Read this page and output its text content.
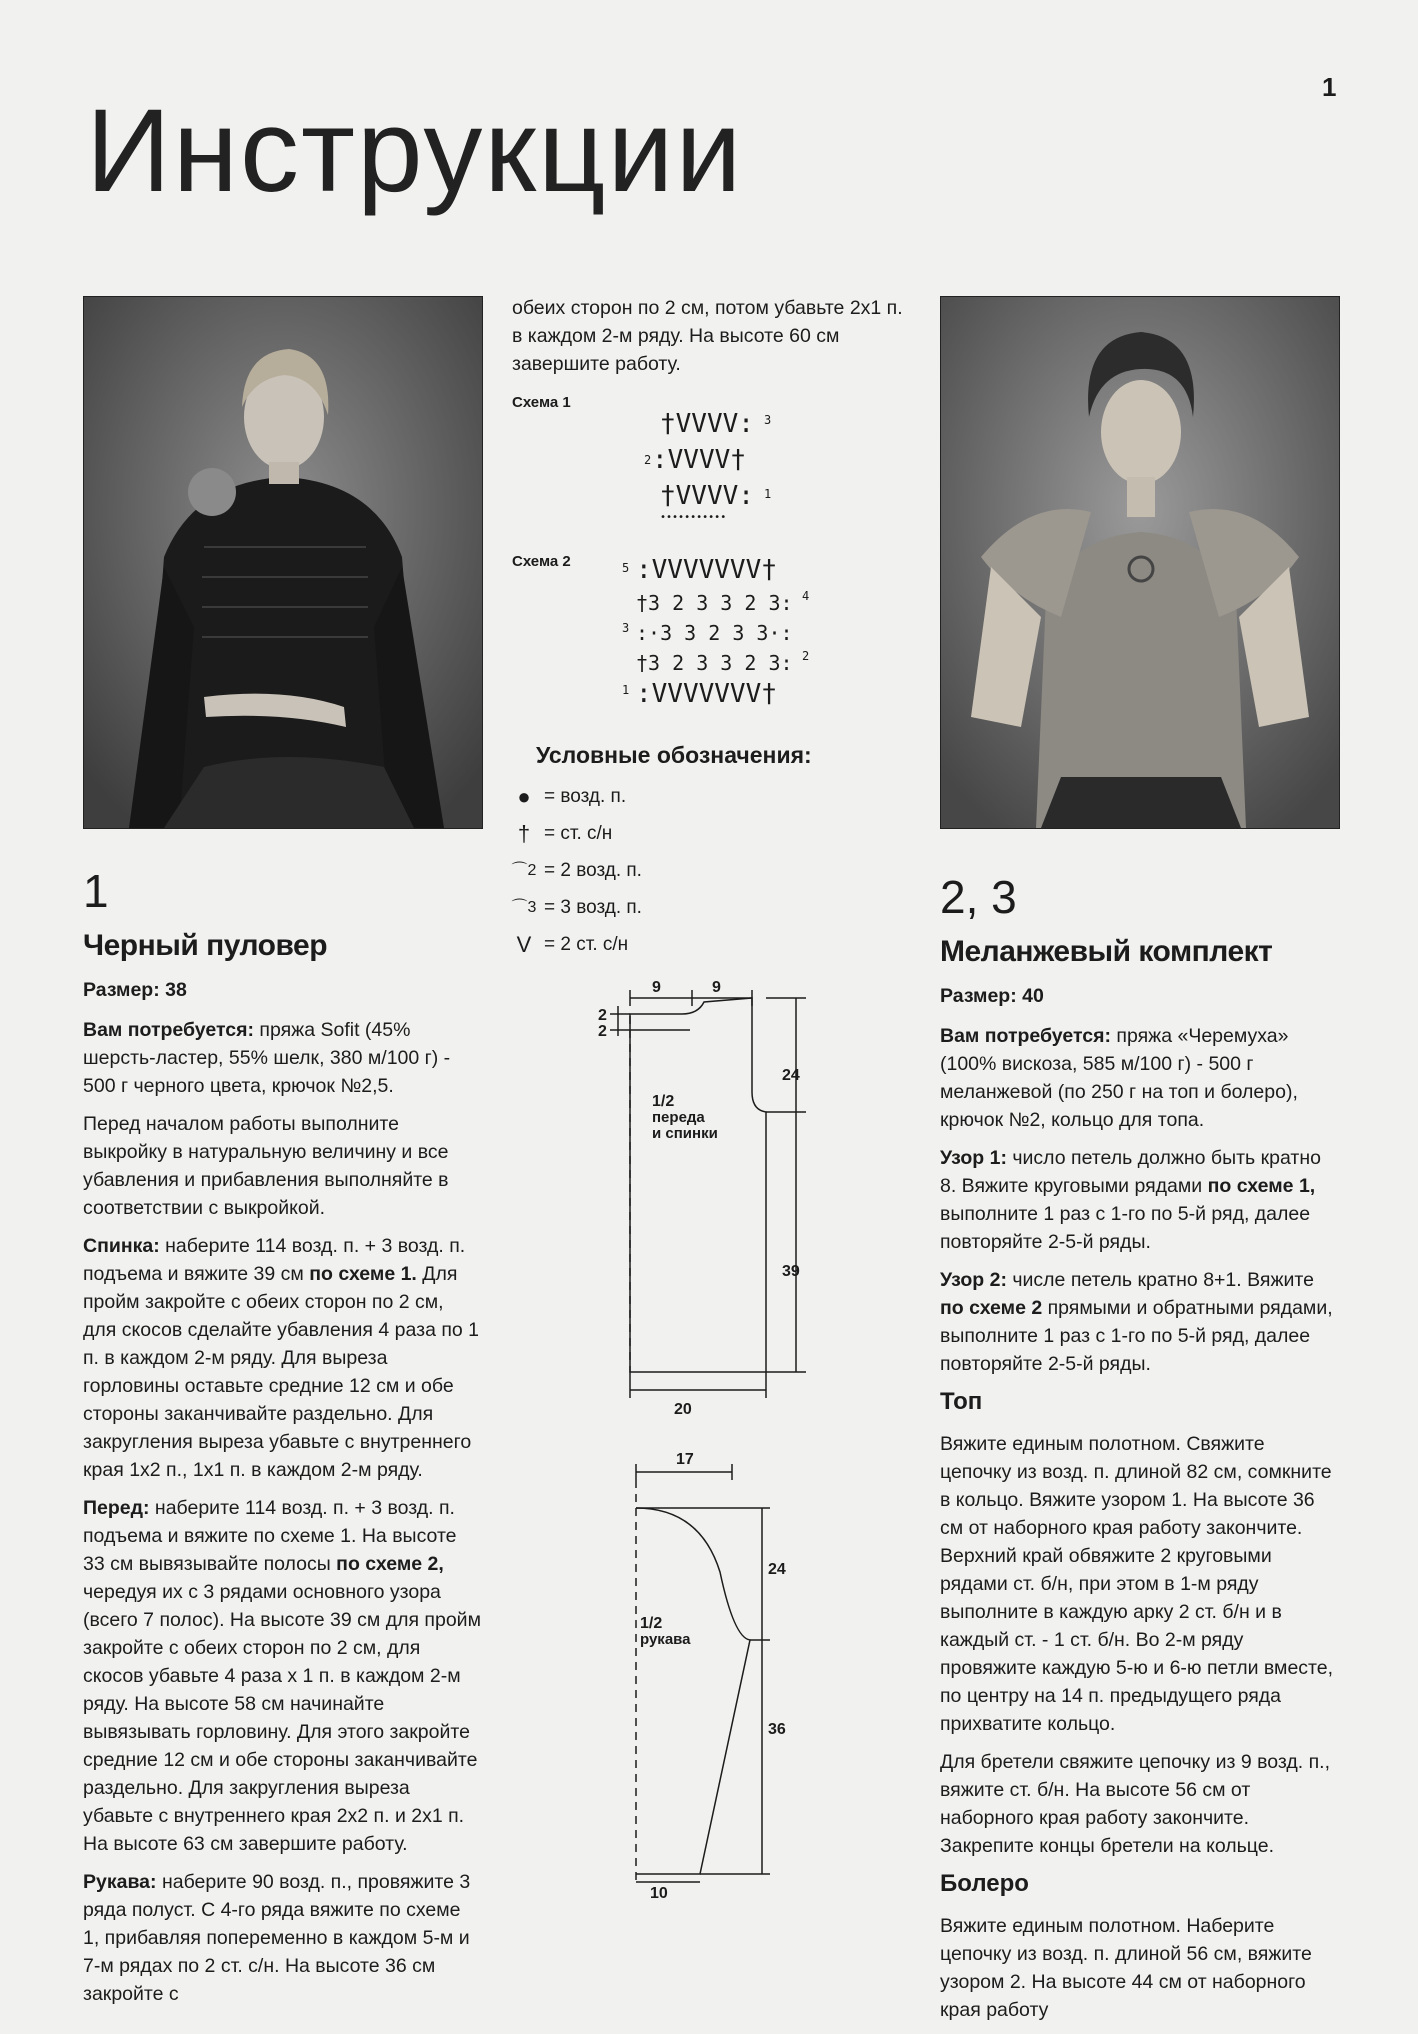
1
Инструкции

1

Черный пуловер

Размер: 38

Вам потребуется: пряжа Sofit (45% шерсть-ластер, 55% шелк, 380 м/100 г) - 500 г черного цвета, крючок №2,5.

Перед началом работы выполните выкройку в натуральную величину и все убавления и прибавления выполняйте в соответствии с выкройкой.

Спинка: наберите 114 возд. п. + 3 возд. п. подъема и вяжите 39 см по схеме 1. Для пройм закройте с обеих сторон по 2 см, для скосов сделайте убавления 4 раза по 1 п. в каждом 2-м ряду. Для выреза горловины оставьте средние 12 см и обе стороны заканчивайте раздельно. Для закругления выреза убавьте с внутреннего края 1х2 п., 1х1 п. в каждом 2-м ряду.

Перед: наберите 114 возд. п. + 3 возд. п. подъема и вяжите по схеме 1. На высоте 33 см вывязывайте полосы по схеме 2, чередуя их с 3 рядами основного узора (всего 7 полос). На высоте 39 см для пройм закройте с обеих сторон по 2 см, для скосов убавьте 4 раза х 1 п. в каждом 2-м ряду. На высоте 58 см начинайте вывязывать горловину. Для этого закройте средние 12 см и обе стороны заканчивайте раздельно. Для закругления выреза убавьте с внутреннего края 2х2 п. и 2х1 п. На высоте 63 см завершите работу.

Рукава: наберите 90 возд. п., провяжите 3 ряда полуст. С 4-го ряда вяжите по схеме 1, прибавляя попеременно в каждом 5-м и 7-м рядах по 2 ст. с/н. На высоте 36 см закройте с

обеих сторон по 2 см, потом убавьте 2х1 п. в каждом 2-м ряду. На высоте 60 см завершите работу.

Схема 1
†VVVV: 3
2 :VVVV†
†VVVV: 1
•••••••••••
Схема 2	5 :VVVVVVV†
†3 2 3 3 2 3: 4
3 :·3 3 2 3 3·:
†3 2 3 3 2 3: 2
1 :VVVVVVV†
Условные обозначения:
● = возд. п.
† = ст. с/н
⌒2 = 2 возд. п.
⌒3 = 3 возд. п.
V = 2 ст. с/н
9	9
2
2
24
39
20
1/2
переда
и спинки
17
24
36
10
1/2
рукава

2, 3

Меланжевый комплект

Размер: 40

Вам потребуется: пряжа «Черемуха» (100% вискоза, 585 м/100 г) - 500 г меланжевой (по 250 г на топ и болеро), крючок №2, кольцо для топа.

Узор 1: число петель должно быть кратно 8. Вяжите круговыми рядами по схеме 1, выполните 1 раз с 1-го по 5-й ряд, далее повторяйте 2-5-й ряды.

Узор 2: числе петель кратно 8+1. Вяжите по схеме 2 прямыми и обратными рядами, выполните 1 раз с 1-го по 5-й ряд, далее повторяйте 2-5-й ряды.

Топ

Вяжите единым полотном. Свяжите цепочку из возд. п. длиной 82 см, сомкните в кольцо. Вяжите узором 1. На высоте 36 см от наборного края работу закончите. Верхний край обвяжите 2 круговыми рядами ст. б/н, при этом в 1-м ряду выполните в каждую арку 2 ст. б/н и в каждый ст. - 1 ст. б/н. Во 2-м ряду провяжите каждую 5-ю и 6-ю петли вместе, по центру на 14 п. предыдущего ряда прихватите кольцо.

Для бретели свяжите цепочку из 9 возд. п., вяжите ст. б/н. На высоте 56 см от наборного края работу закончите. Закрепите концы бретели на кольце.

Болеро

Вяжите единым полотном. Наберите цепочку из возд. п. длиной 56 см, вяжите узором 2. На высоте 44 см от наборного края работу
